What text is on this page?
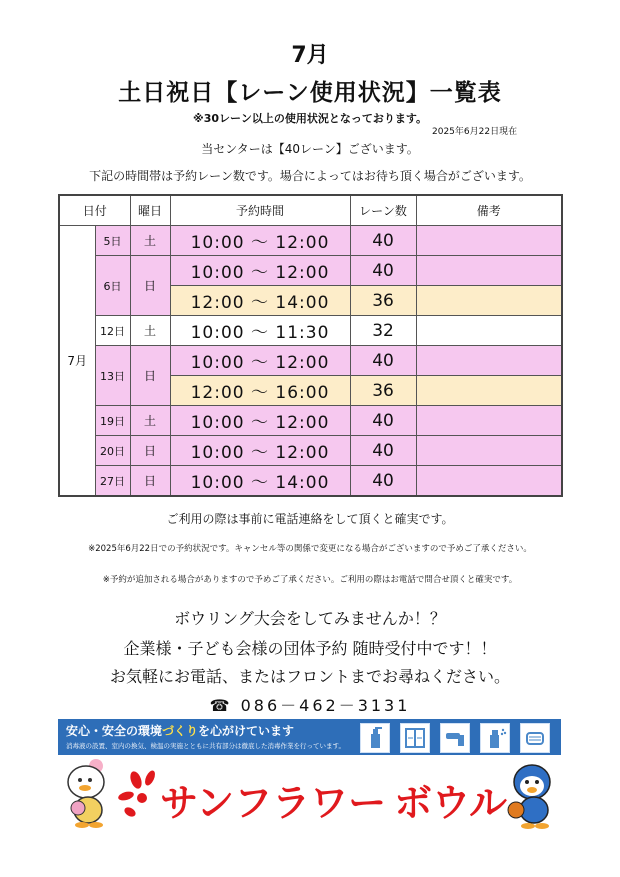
7月
土日祝日【レーン使用状況】一覧表
※30レーン以上の使用状況となっております。
2025年6月22日現在
当センターは【40レーン】ございます。
下記の時間帯は予約レーン数です。場合によってはお待ち頂く場合がございます。
日付		曜日	予約時間	レーン数	備考
7月	5日	土	10:00 ～ 12:00	40	
	6日	日	10:00 ～ 12:00	40	
			12:00 ～ 14:00	36	
	12日	土	10:00 ～ 11:30	32	
	13日	日	10:00 ～ 12:00	40	
			12:00 ～ 16:00	36	
	19日	土	10:00 ～ 12:00	40	
	20日	日	10:00 ～ 12:00	40	
	27日	日	10:00 ～ 14:00	40	
ご利用の際は事前に電話連絡をして頂くと確実です。
※2025年6月22日での予約状況です。キャンセル等の関係で変更になる場合がございますので予めご了承ください。
※予約が追加される場合がありますので予めご了承ください。ご利用の際はお電話で問合せ頂くと確実です。
ボウリング大会をしてみませんか！？
企業様・子ども会様の団体予約 随時受付中です！！
お気軽にお電話、またはフロントまでお尋ねください。
☎ 086－462－3131
安心・安全の環境づくりを心がけています
消毒液の設置、室内の換気、検温の実施とともに共有部分は徹底した消毒作業を行っています。
サンフラワー ボウル
